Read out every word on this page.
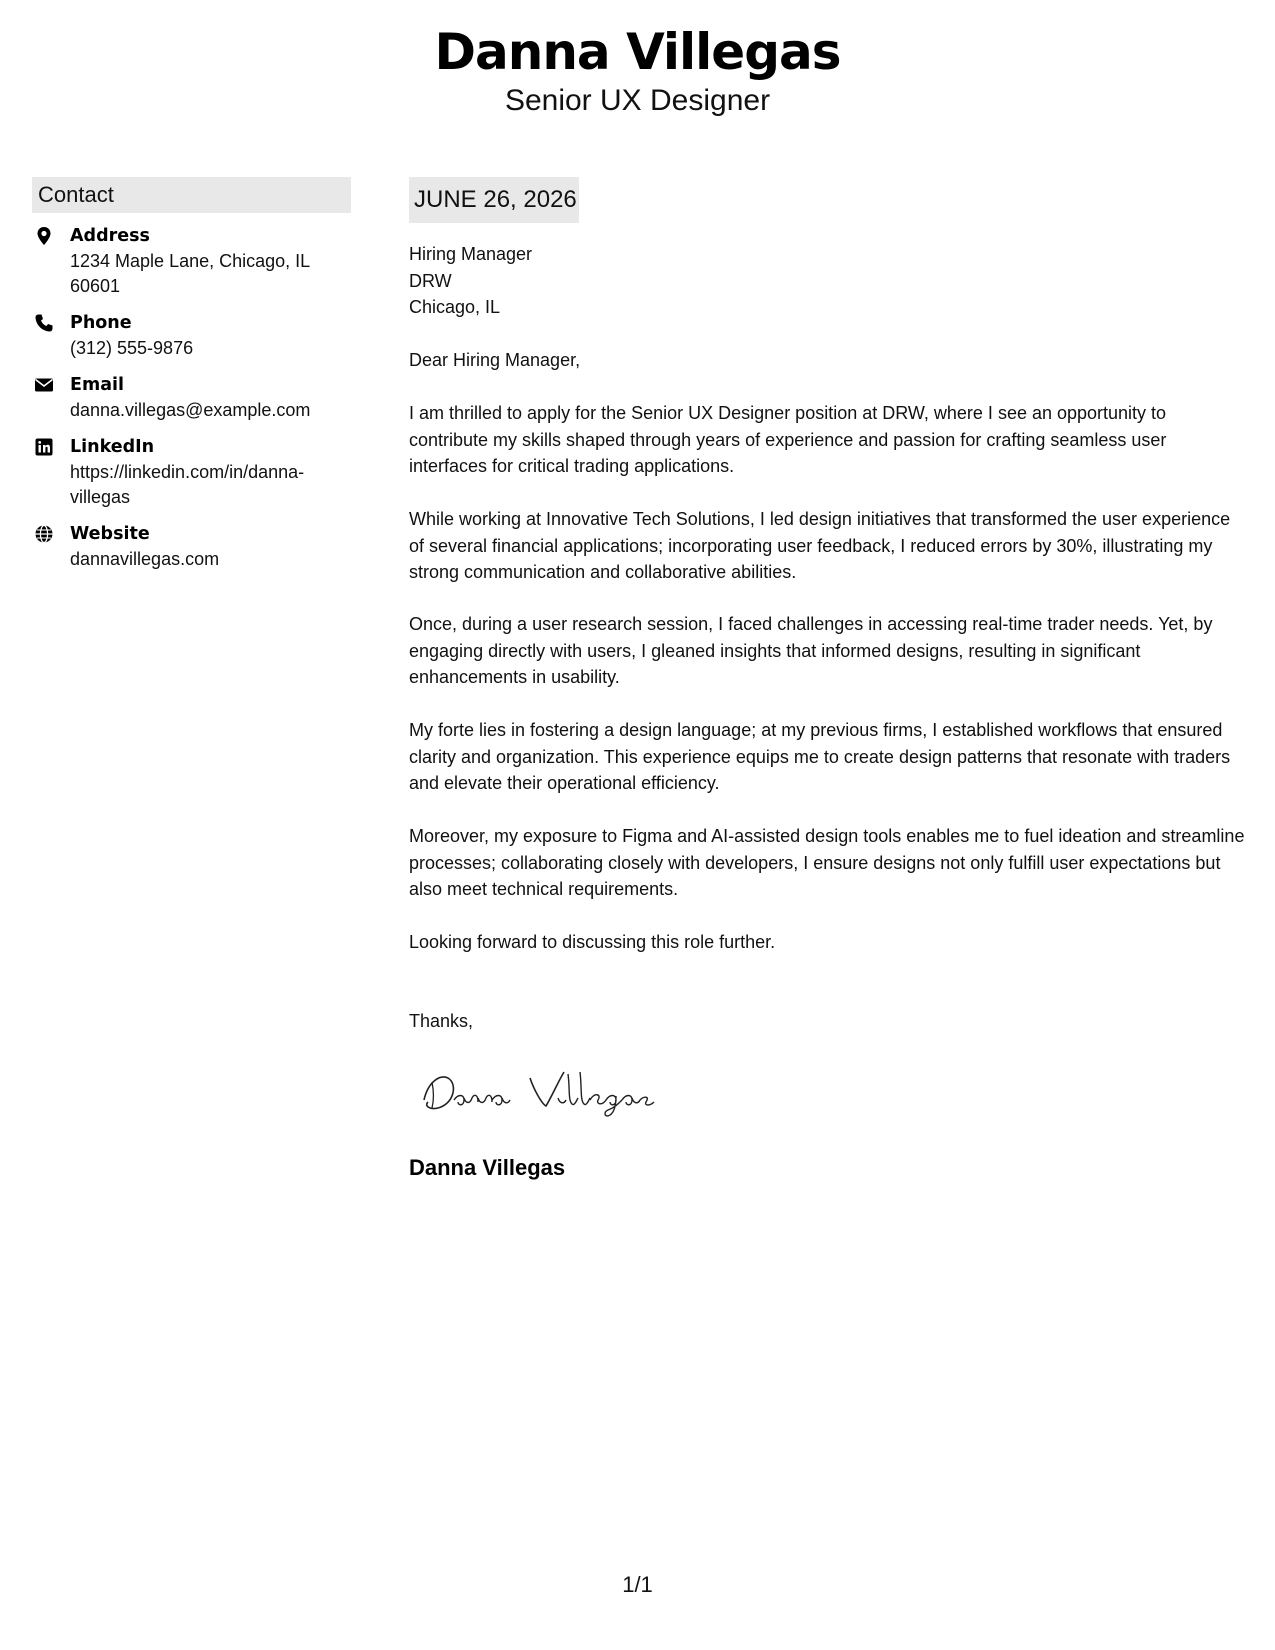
Danna Villegas
Senior UX Designer
Contact
Address
1234 Maple Lane, Chicago, IL 60601
Phone
(312) 555-9876
Email
danna.villegas@example.com
LinkedIn
https://linkedin.com/in/danna-villegas
Website
dannavillegas.com
JUNE 26, 2026
Hiring Manager
DRW
Chicago, IL
Dear Hiring Manager,
I am thrilled to apply for the Senior UX Designer position at DRW, where I see an opportunity to contribute my skills shaped through years of experience and passion for crafting seamless user interfaces for critical trading applications.
While working at Innovative Tech Solutions, I led design initiatives that transformed the user experience of several financial applications; incorporating user feedback, I reduced errors by 30%, illustrating my strong communication and collaborative abilities.
Once, during a user research session, I faced challenges in accessing real-time trader needs. Yet, by engaging directly with users, I gleaned insights that informed designs, resulting in significant enhancements in usability.
My forte lies in fostering a design language; at my previous firms, I established workflows that ensured clarity and organization. This experience equips me to create design patterns that resonate with traders and elevate their operational efficiency.
Moreover, my exposure to Figma and AI-assisted design tools enables me to fuel ideation and streamline processes; collaborating closely with developers, I ensure designs not only fulfill user expectations but also meet technical requirements.
Looking forward to discussing this role further.
Thanks,
Danna Villegas
1/1
